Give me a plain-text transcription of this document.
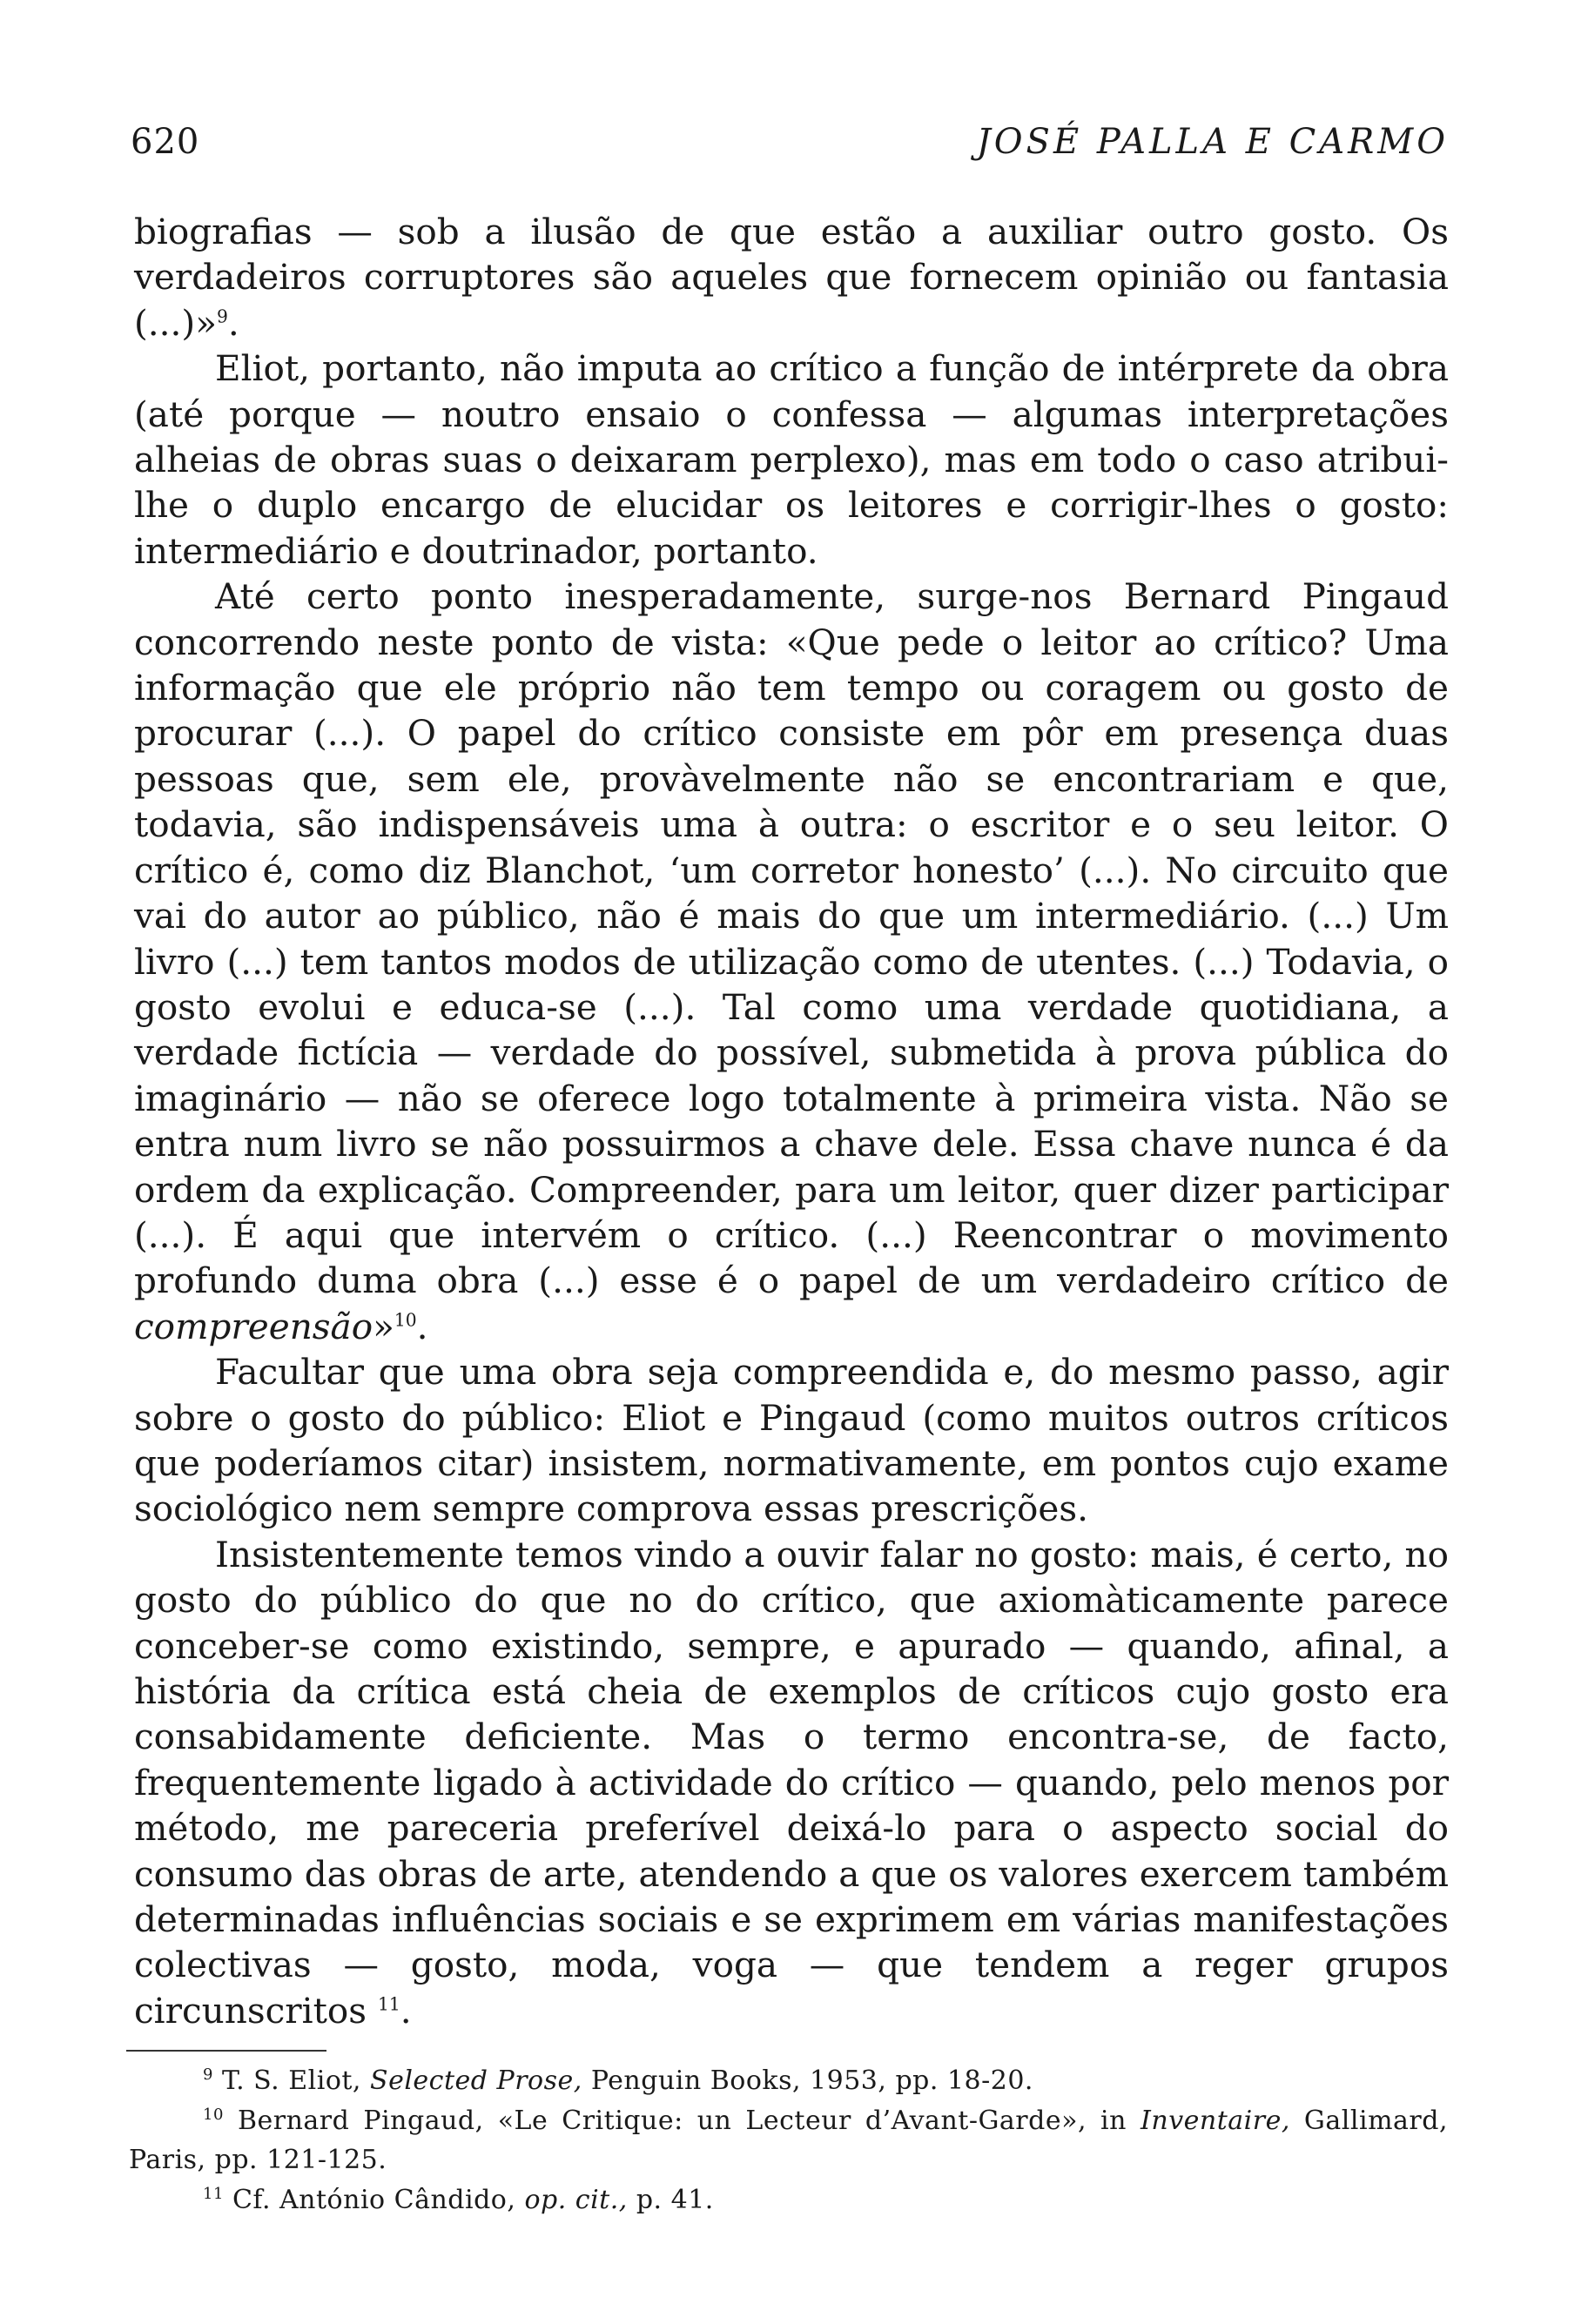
620	JOSÉ PALLA E CARMO

biografias — sob a ilusão de que estão a auxiliar outro gosto. Os verdadeiros corruptores são aqueles que fornecem opinião ou fantasia (...)»$^9$.

Eliot, portanto, não imputa ao crítico a função de intérprete da obra (até porque — noutro ensaio o confessa — algumas interpretações alheias de obras suas o deixaram perplexo), mas em todo o caso atribui-lhe o duplo encargo de elucidar os leitores e corrigir-lhes o gosto: intermediário e doutrinador, portanto.

Até certo ponto inesperadamente, surge-nos Bernard Pingaud concorrendo neste ponto de vista: «Que pede o leitor ao crítico? Uma informação que ele próprio não tem tempo ou coragem ou gosto de procurar (...). O papel do crítico consiste em pôr em presença duas pessoas que, sem ele, provàvelmente não se encontrariam e que, todavia, são indispensáveis uma à outra: o escritor e o seu leitor. O crítico é, como diz Blanchot, ‘um corretor honesto’ (...). No circuito que vai do autor ao público, não é mais do que um intermediário. (...) Um livro (...) tem tantos modos de utilização como de utentes. (...) Todavia, o gosto evolui e educa-se (...). Tal como uma verdade quotidiana, a verdade fictícia — verdade do possível, submetida à prova pública do imaginário — não se oferece logo totalmente à primeira vista. Não se entra num livro se não possuirmos a chave dele. Essa chave nunca é da ordem da explicação. Compreender, para um leitor, quer dizer participar (...). É aqui que intervém o crítico. (...) Reencontrar o movimento profundo duma obra (...) esse é o papel de um verdadeiro crítico de compreensão»$^{10}$.

Facultar que uma obra seja compreendida e, do mesmo passo, agir sobre o gosto do público: Eliot e Pingaud (como muitos outros críticos que poderíamos citar) insistem, normativamente, em pontos cujo exame sociológico nem sempre comprova essas prescrições.

Insistentemente temos vindo a ouvir falar no gosto: mais, é certo, no gosto do público do que no do crítico, que axiomàticamente parece conceber-se como existindo, sempre, e apurado — quando, afinal, a história da crítica está cheia de exemplos de críticos cujo gosto era consabidamente deficiente. Mas o termo encontra-se, de facto, frequentemente ligado à actividade do crítico — quando, pelo menos por método, me pareceria preferível deixá-lo para o aspecto social do consumo das obras de arte, atendendo a que os valores exercem também determinadas influências sociais e se exprimem em várias manifestações colectivas — gosto, moda, voga — que tendem a reger grupos circunscritos $^{11}$.

$^9$ T. S. Eliot, Selected Prose, Penguin Books, 1953, pp. 18-20.

$^{10}$ Bernard Pingaud, «Le Critique: un Lecteur d’Avant-Garde», in Inventaire, Gallimard, Paris, pp. 121-125.

$^{11}$ Cf. António Cândido, op. cit., p. 41.
